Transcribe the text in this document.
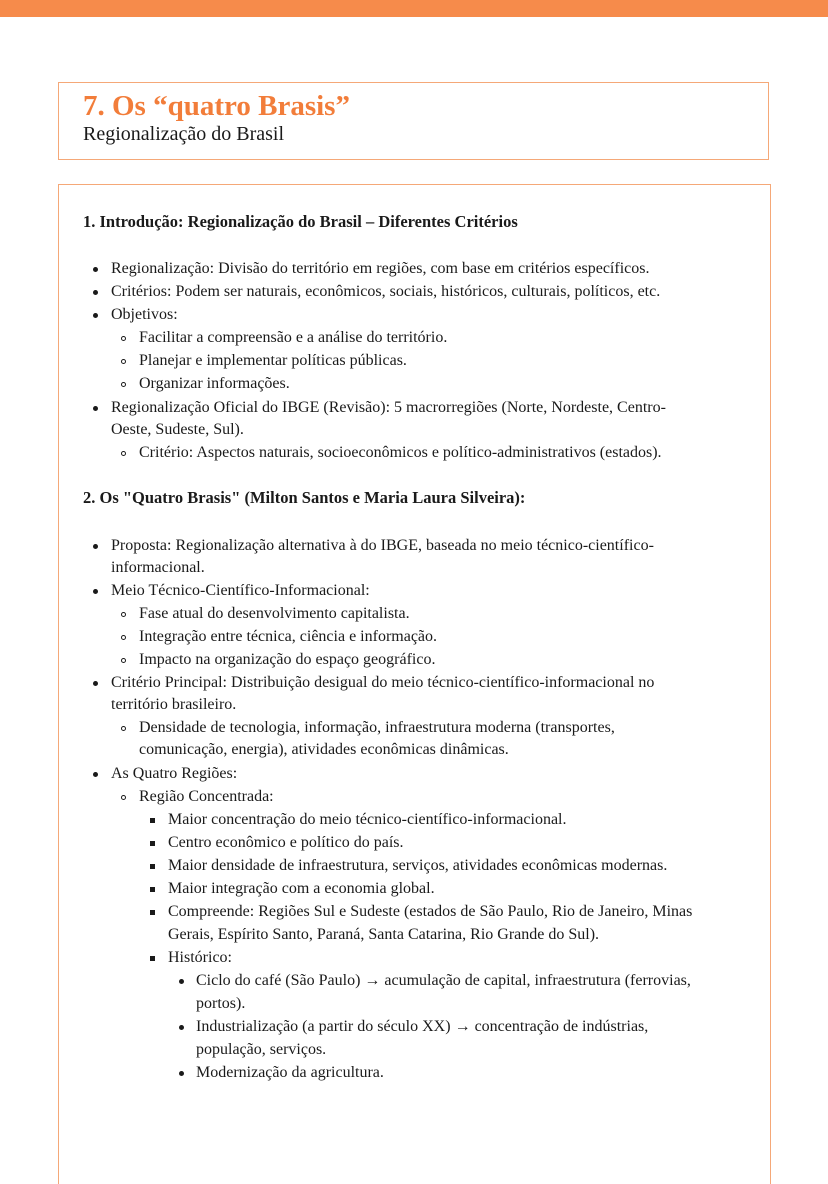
7. Os “quatro Brasis”
Regionalização do Brasil
1. Introdução: Regionalização do Brasil – Diferentes Critérios
Regionalização: Divisão do território em regiões, com base em critérios específicos.
Critérios: Podem ser naturais, econômicos, sociais, históricos, culturais, políticos, etc.
Objetivos:
Facilitar a compreensão e a análise do território.
Planejar e implementar políticas públicas.
Organizar informações.
Regionalização Oficial do IBGE (Revisão): 5 macrorregiões (Norte, Nordeste, Centro-
Oeste, Sudeste, Sul).
Critério: Aspectos naturais, socioeconômicos e político-administrativos (estados).
2. Os "Quatro Brasis" (Milton Santos e Maria Laura Silveira):
Proposta: Regionalização alternativa à do IBGE, baseada no meio técnico-científico-
informacional.
Meio Técnico-Científico-Informacional:
Fase atual do desenvolvimento capitalista.
Integração entre técnica, ciência e informação.
Impacto na organização do espaço geográfico.
Critério Principal: Distribuição desigual do meio técnico-científico-informacional no
território brasileiro.
Densidade de tecnologia, informação, infraestrutura moderna (transportes,
comunicação, energia), atividades econômicas dinâmicas.
As Quatro Regiões:
Região Concentrada:
Maior concentração do meio técnico-científico-informacional.
Centro econômico e político do país.
Maior densidade de infraestrutura, serviços, atividades econômicas modernas.
Maior integração com a economia global.
Compreende: Regiões Sul e Sudeste (estados de São Paulo, Rio de Janeiro, Minas
Gerais, Espírito Santo, Paraná, Santa Catarina, Rio Grande do Sul).
Histórico:
Ciclo do café (São Paulo) → acumulação de capital, infraestrutura (ferrovias,
portos).
Industrialização (a partir do século XX) → concentração de indústrias,
população, serviços.
Modernização da agricultura.
